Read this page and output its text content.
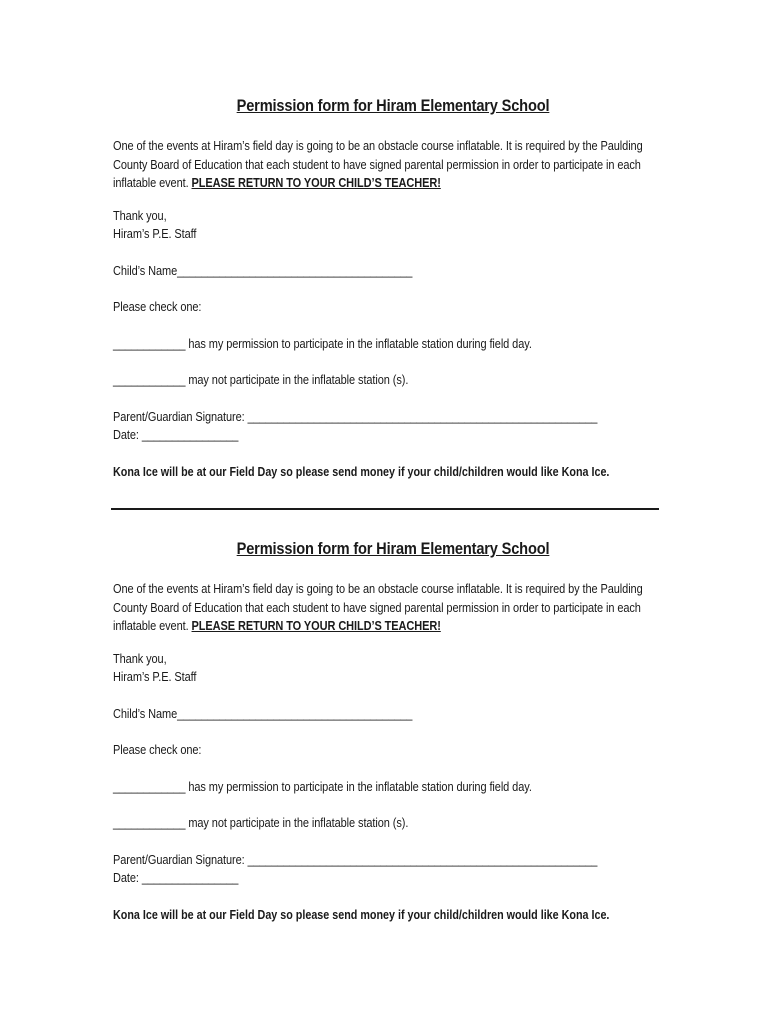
Permission form for Hiram Elementary School
One of the events at Hiram’s field day is going to be an obstacle course inflatable. It is required by the Paulding
County Board of Education that each student to have signed parental permission in order to participate in each
inflatable event. PLEASE RETURN TO YOUR CHILD’S TEACHER!
Thank you,
Hiram’s P.E. Staff
Child’s Name_______________________________________
Please check one:
____________ has my permission to participate in the inflatable station during field day.
____________ may not participate in the inflatable station (s).
Parent/Guardian Signature: __________________________________________________________
Date: ________________
Kona Ice will be at our Field Day so please send money if your child/children would like Kona Ice.
Permission form for Hiram Elementary School
One of the events at Hiram’s field day is going to be an obstacle course inflatable. It is required by the Paulding
County Board of Education that each student to have signed parental permission in order to participate in each
inflatable event. PLEASE RETURN TO YOUR CHILD’S TEACHER!
Thank you,
Hiram’s P.E. Staff
Child’s Name_______________________________________
Please check one:
____________ has my permission to participate in the inflatable station during field day.
____________ may not participate in the inflatable station (s).
Parent/Guardian Signature: __________________________________________________________
Date: ________________
Kona Ice will be at our Field Day so please send money if your child/children would like Kona Ice.
